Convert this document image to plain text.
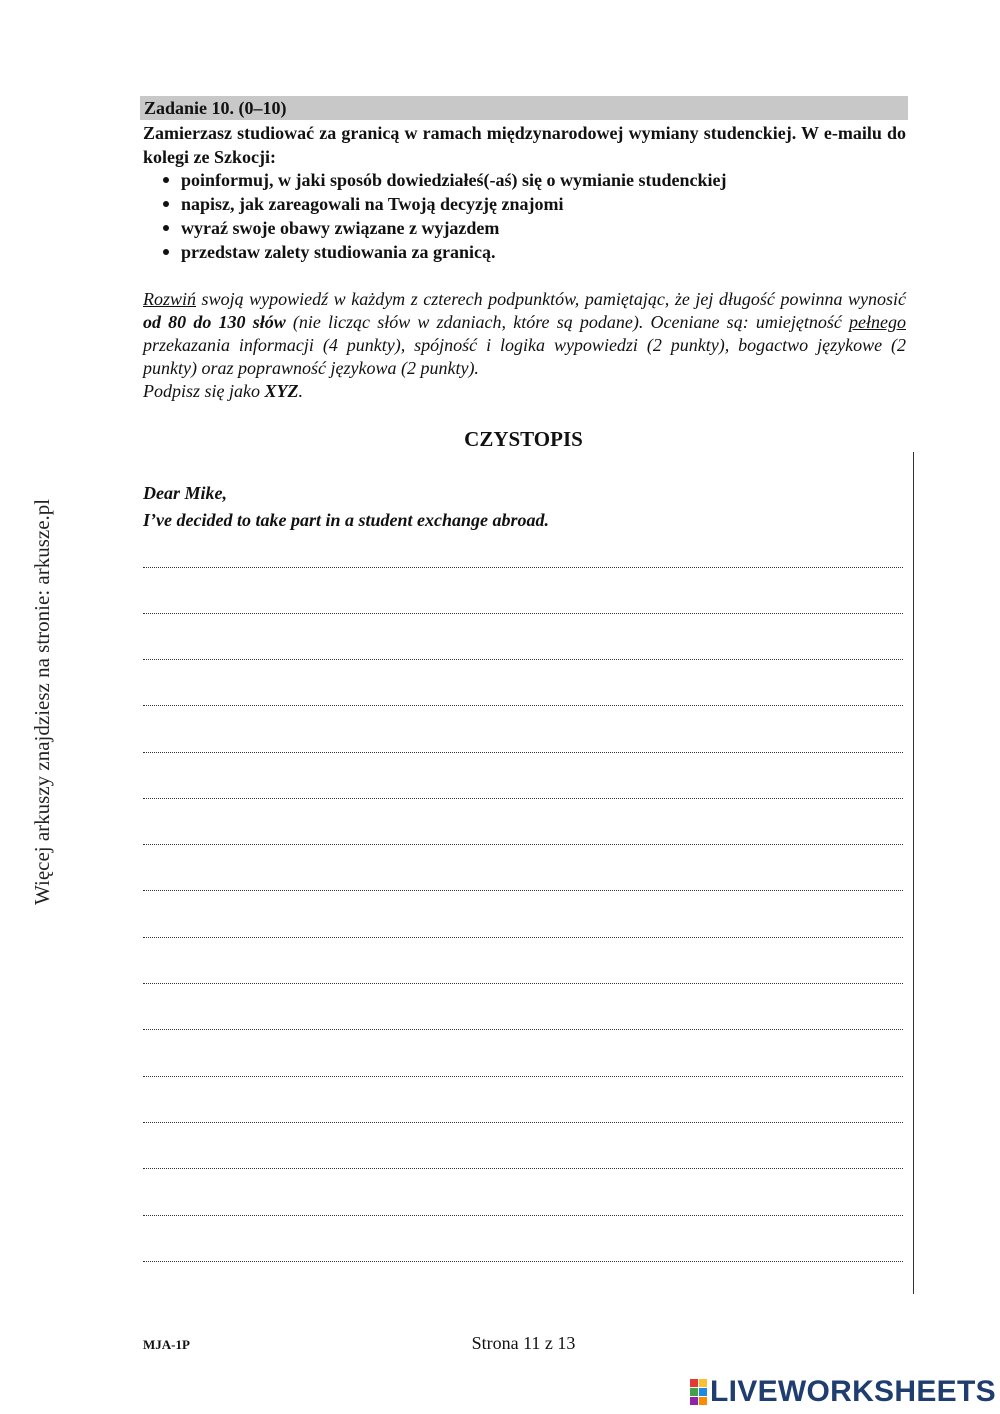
Więcej arkuszy znajdziesz na stronie: arkusze.pl
Zadanie 10. (0–10)
Zamierzasz studiować za granicą w ramach międzynarodowej wymiany studenckiej. W e-mailu do kolegi ze Szkocji:
poinformuj, w jaki sposób dowiedziałeś(-aś) się o wymianie studenckiej
napisz, jak zareagowali na Twoją decyzję znajomi
wyraź swoje obawy związane z wyjazdem
przedstaw zalety studiowania za granicą.
Rozwiń swoją wypowiedź w każdym z czterech podpunktów, pamiętając, że jej długość powinna wynosić od 80 do 130 słów (nie licząc słów w zdaniach, które są podane). Oceniane są: umiejętność pełnego przekazania informacji (4 punkty), spójność i logika wypowiedzi (2 punkty), bogactwo językowe (2 punkty) oraz poprawność językowa (2 punkty).
Podpisz się jako XYZ.
CZYSTOPIS
Dear Mike,
I’ve decided to take part in a student exchange abroad.
MJA-1P	Strona 11 z 13
LIVEWORKSHEETS
